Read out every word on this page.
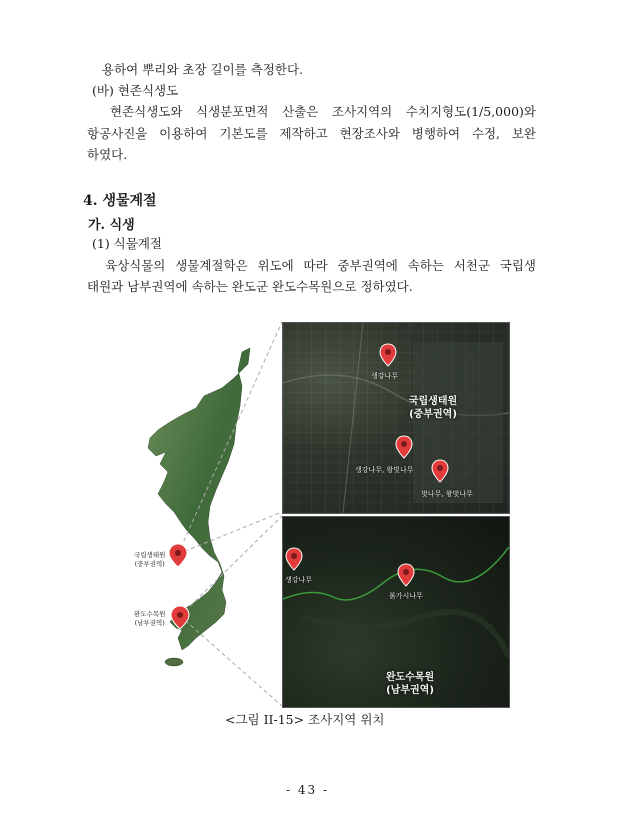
용하여 뿌리와 초장 길이를 측정한다.
(바) 현존식생도
현존식생도와 식생분포면적 산출은 조사지역의 수치지형도(1/5,000)와
항공사진을 이용하여 기본도를 제작하고 현장조사와 병행하여 수정, 보완
하였다.
4. 생물계절
가. 식생
(1) 식물계절
육상식물의 생물계절학은 위도에 따라 중부권역에 속하는 서천군 국립생
태원과 남부권역에 속하는 완도군 완도수목원으로 정하였다.
국립생태원
(중부권역)
완도수목원
(남부권역)
생강나무
생강나무, 왕벚나무
벚나무, 왕벚나무
국립생태원
(중부권역)
생강나무
붉가시나무
완도수목원
(남부권역)
<그림 II-15> 조사지역 위치
- 43 -
